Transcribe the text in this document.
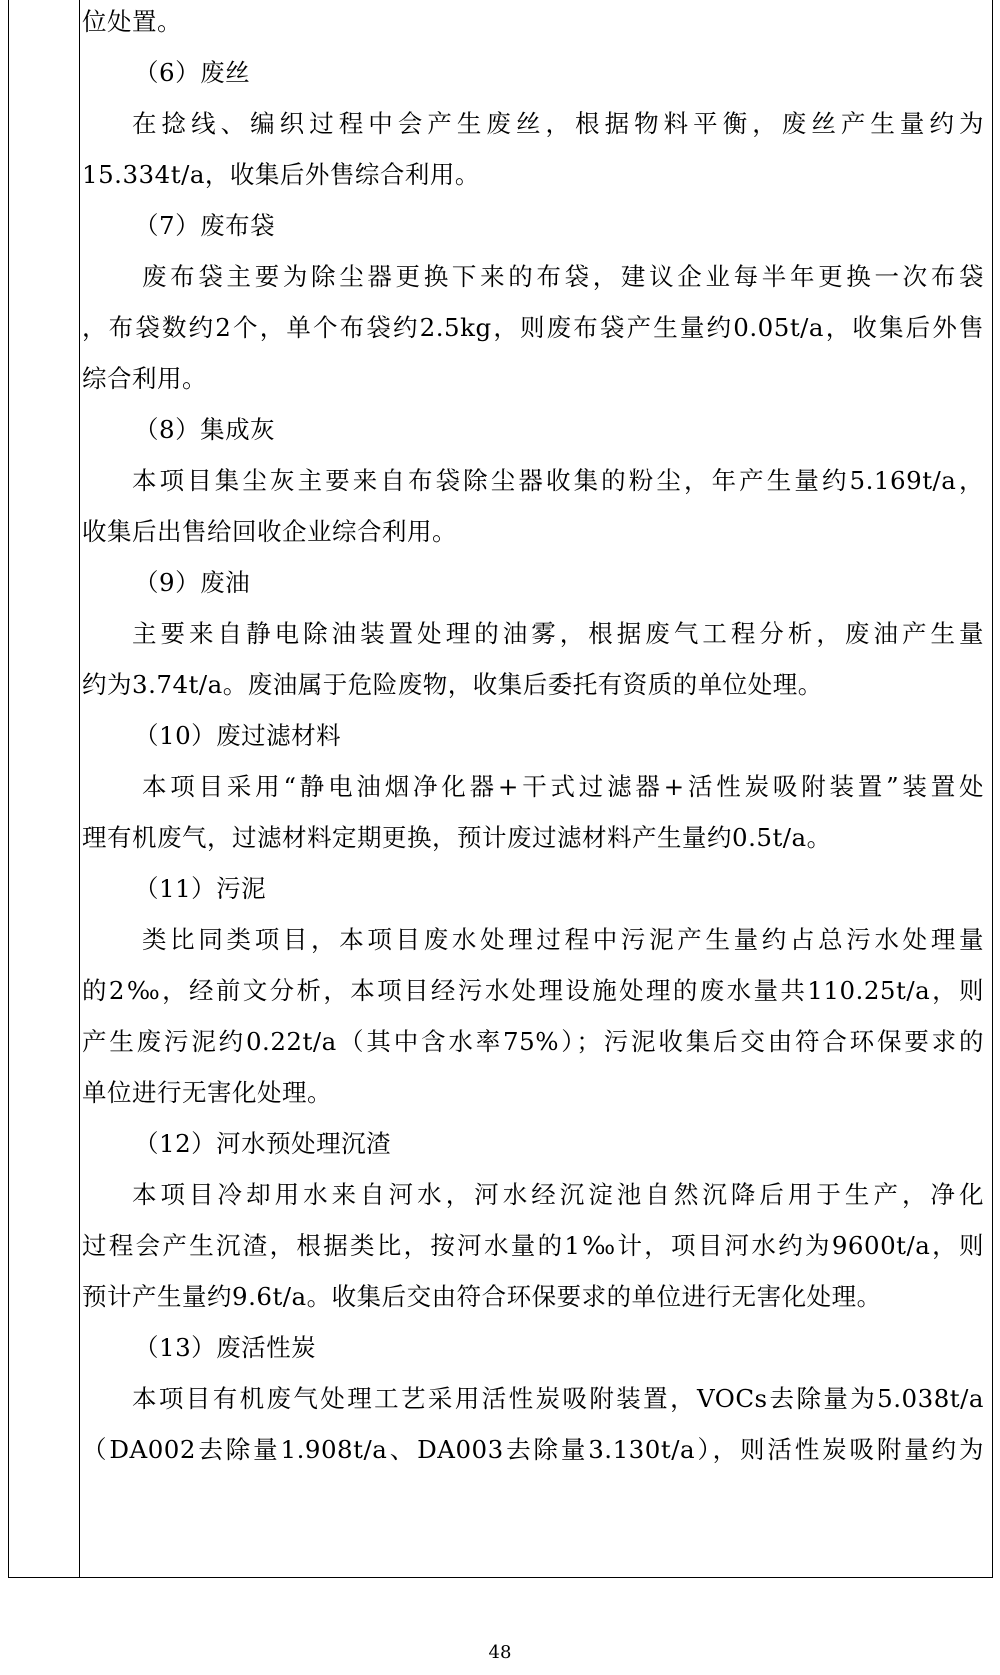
位处置。
（6）废丝
在捻线、编织过程中会产生废丝，根据物料平衡，废丝产生量约为
15.334t/a，收集后外售综合利用。
（7）废布袋
废布袋主要为除尘器更换下来的布袋，建议企业每半年更换一次布袋
，布袋数约2个，单个布袋约2.5kg，则废布袋产生量约0.05t/a，收集后外售
综合利用。
（8）集成灰
本项目集尘灰主要来自布袋除尘器收集的粉尘，年产生量约5.169t/a，
收集后出售给回收企业综合利用。
（9）废油
主要来自静电除油装置处理的油雾，根据废气工程分析，废油产生量
约为3.74t/a。废油属于危险废物，收集后委托有资质的单位处理。
（10）废过滤材料
本项目采用“静电油烟净化器+干式过滤器+活性炭吸附装置”装置处
理有机废气，过滤材料定期更换，预计废过滤材料产生量约0.5t/a。
（11）污泥
类比同类项目，本项目废水处理过程中污泥产生量约占总污水处理量
的2‰，经前文分析，本项目经污水处理设施处理的废水量共110.25t/a，则
产生废污泥约0.22t/a（其中含水率75%）；污泥收集后交由符合环保要求的
单位进行无害化处理。
（12）河水预处理沉渣
本项目冷却用水来自河水，河水经沉淀池自然沉降后用于生产，净化
过程会产生沉渣，根据类比，按河水量的1‰计，项目河水约为9600t/a，则
预计产生量约9.6t/a。收集后交由符合环保要求的单位进行无害化处理。
（13）废活性炭
本项目有机废气处理工艺采用活性炭吸附装置，VOCs去除量为5.038t/a
（DA002去除量1.908t/a、DA003去除量3.130t/a），则活性炭吸附量约为
48
